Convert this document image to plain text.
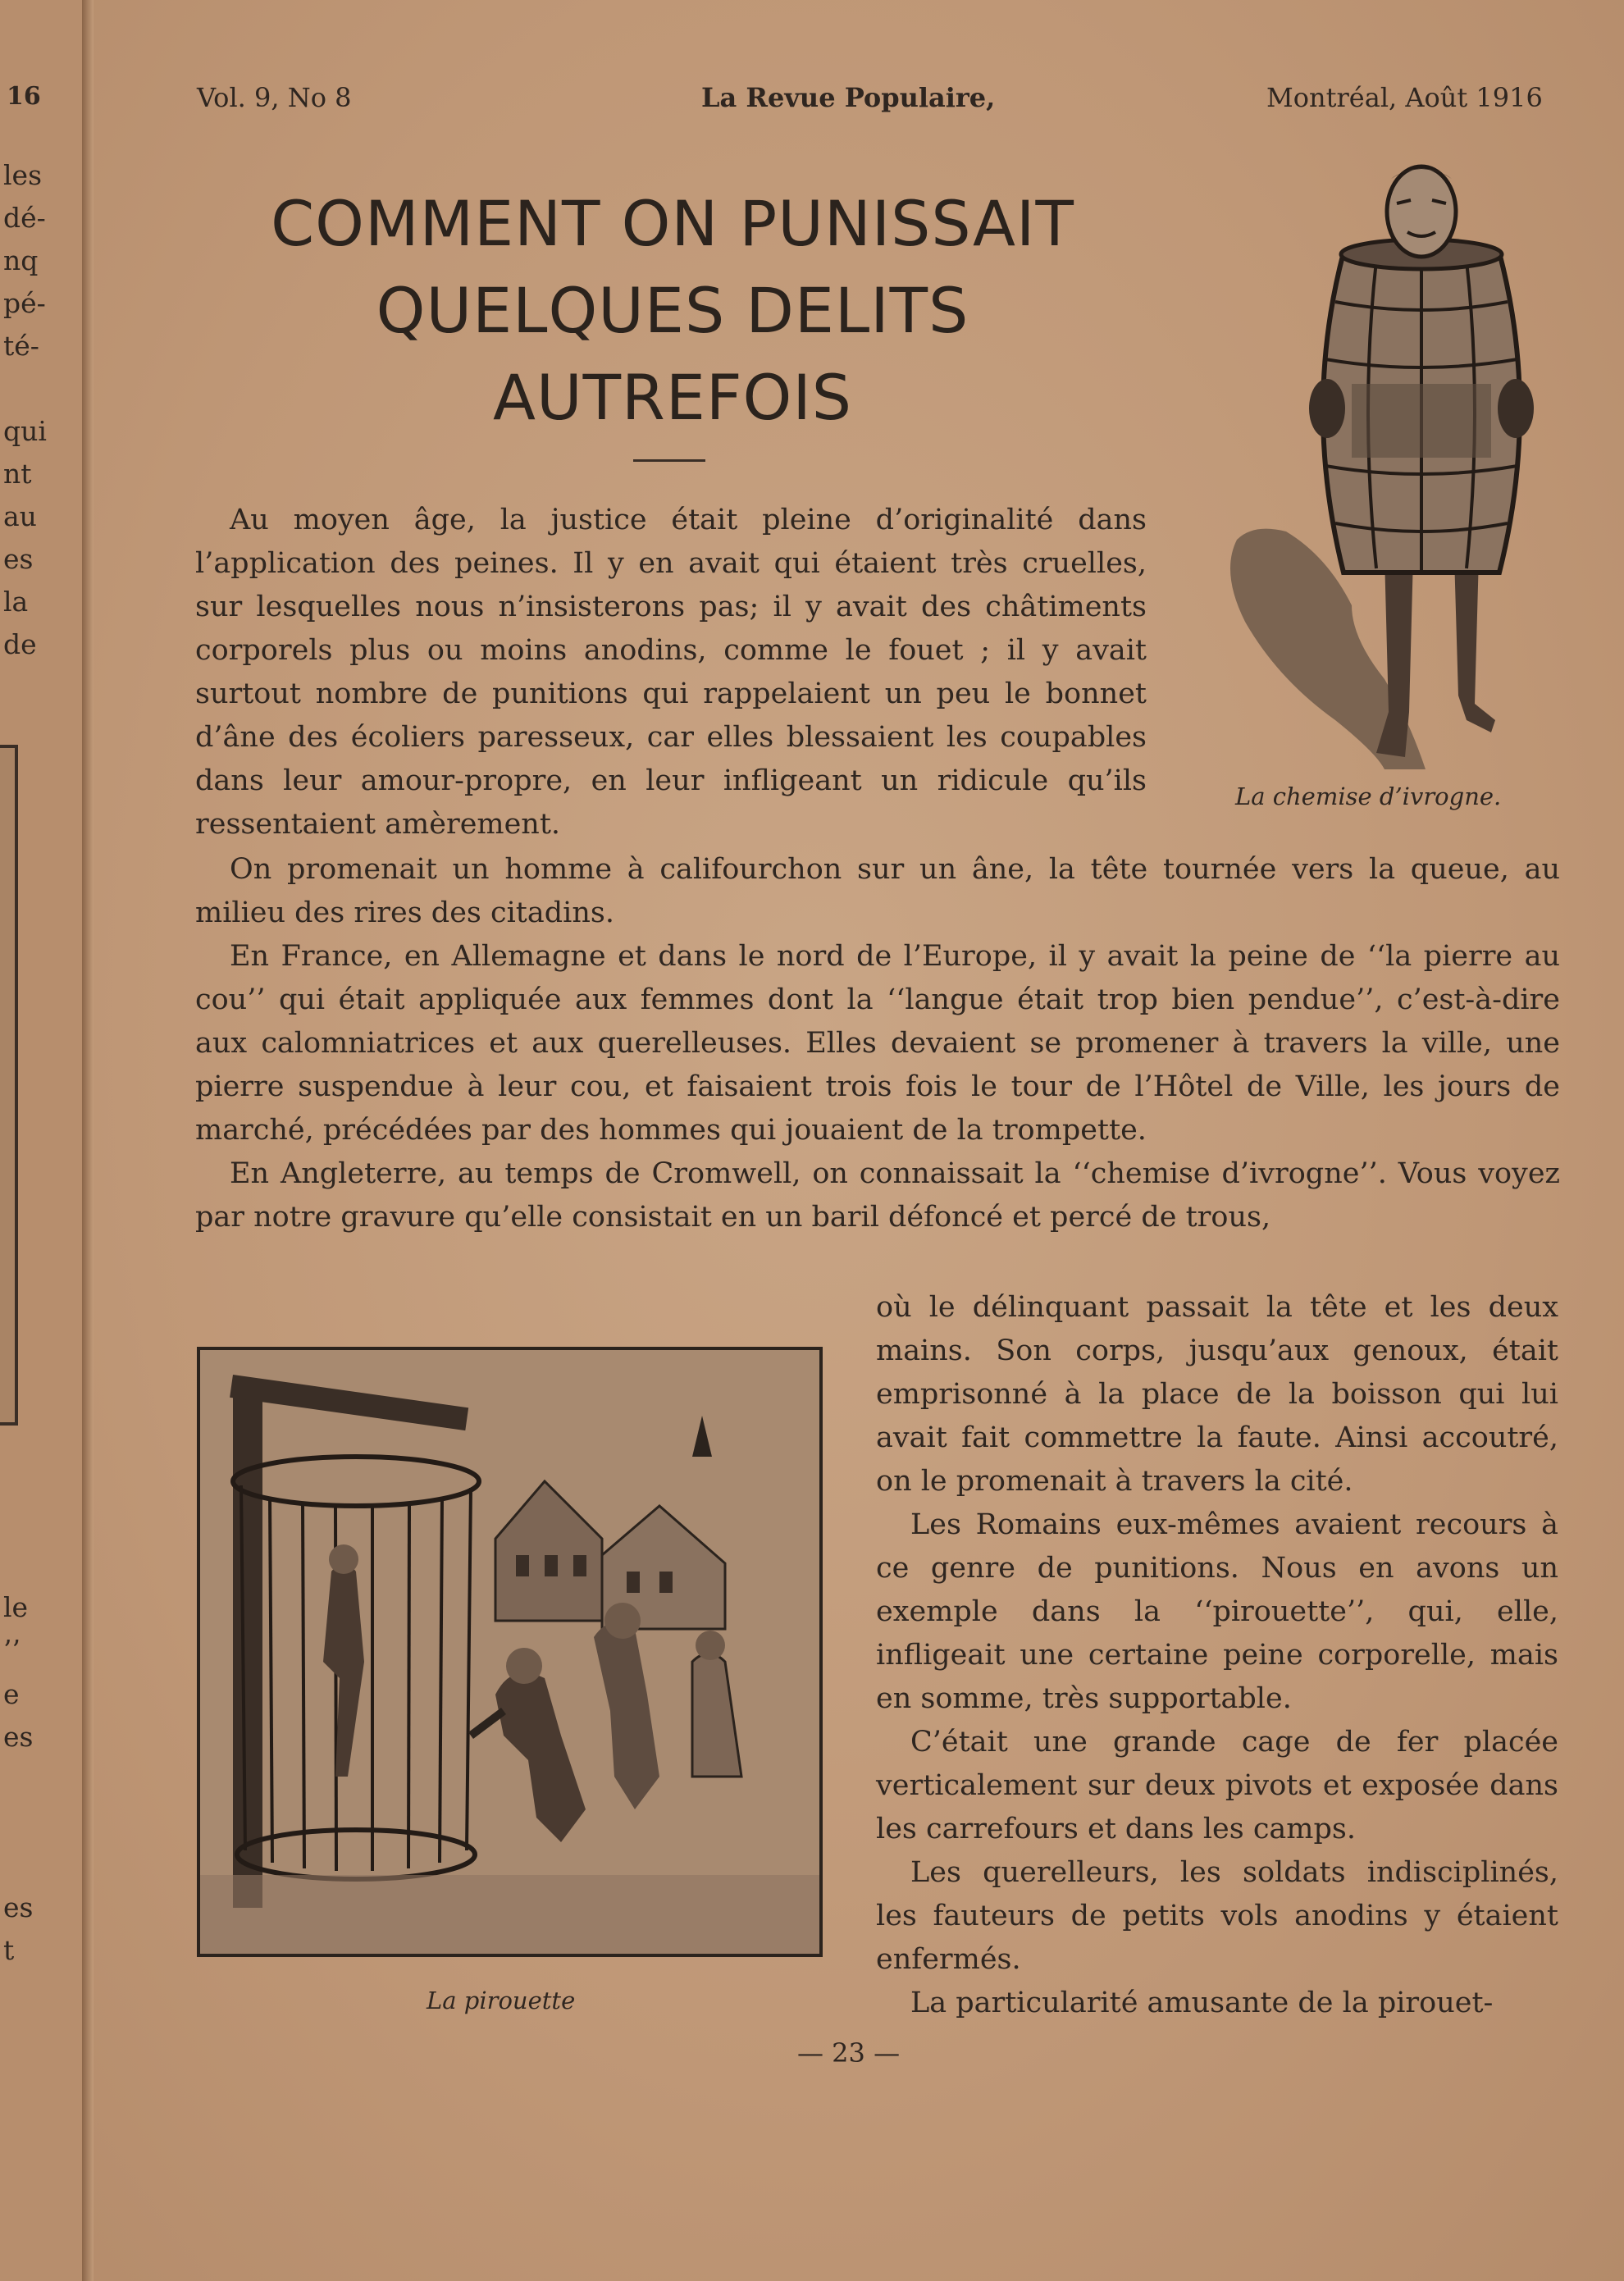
16
les
dé-
nq
pé-
té-
qui
nt
au
es
la
de
le
’’
e
es
es
t
Vol. 9, No 8	La Revue Populaire,	Montréal, Août 1916
COMMENT ON PUNISSAIT
QUELQUES DELITS
AUTREFOIS
La chemise d’ivrogne.

Au moyen âge, la justice était pleine d’originalité dans l’application des peines. Il y en avait qui étaient très cruelles, sur lesquelles nous n’insisterons pas; il y avait des châtiments corporels plus ou moins anodins, comme le fouet ; il y avait surtout nombre de punitions qui rappelaient un peu le bonnet d’âne des écoliers paresseux, car elles blessaient les coupables dans leur amour-propre, en leur infligeant un ridicule qu’ils ressentaient amèrement.

On promenait un homme à califourchon sur un âne, la tête tournée vers la queue, au milieu des rires des citadins.

En France, en Allemagne et dans le nord de l’Europe, il y avait la peine de ‘‘la pierre au cou’’ qui était appliquée aux femmes dont la ‘‘langue était trop bien pendue’’, c’est-à-dire aux calomniatrices et aux querelleuses. Elles devaient se promener à travers la ville, une pierre suspendue à leur cou, et faisaient trois fois le tour de l’Hôtel de Ville, les jours de marché, précédées par des hommes qui jouaient de la trompette.

En Angleterre, au temps de Cromwell, on connaissait la ‘‘chemise d’ivrogne’’. Vous voyez par notre gravure qu’elle consistait en un baril défoncé et percé de trous,

La pirouette

où le délinquant passait la tête et les deux mains. Son corps, jusqu’aux genoux, était emprisonné à la place de la boisson qui lui avait fait commettre la faute. Ainsi accoutré, on le promenait à travers la cité.

Les Romains eux-mêmes avaient recours à ce genre de punitions. Nous en avons un exemple dans la ‘‘pirouette’’, qui, elle, infligeait une certaine peine corporelle, mais en somme, très supportable.

C’était une grande cage de fer placée verticalement sur deux pivots et exposée dans les carrefours et dans les camps.

Les querelleurs, les soldats indisciplinés, les fauteurs de petits vols anodins y étaient enfermés.

La particularité amusante de la pirouet-

— 23 —
